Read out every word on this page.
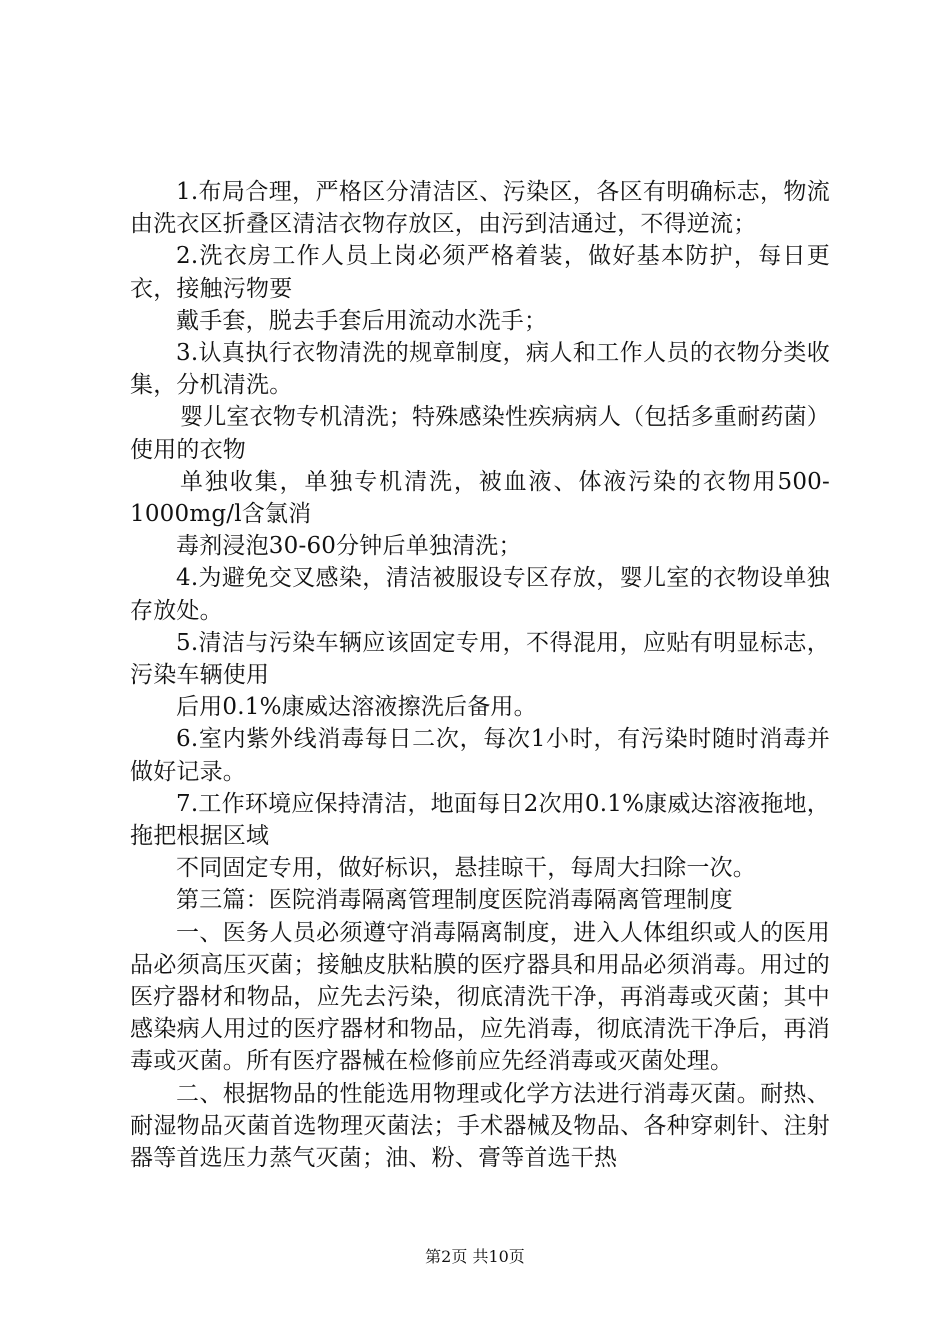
1.布局合理，严格区分清洁区、污染区，各区有明确标志，物流由洗衣区折叠区清洁衣物存放区，由污到洁通过，不得逆流；

2.洗衣房工作人员上岗必须严格着装，做好基本防护，每日更衣，接触污物要

戴手套，脱去手套后用流动水洗手；

3.认真执行衣物清洗的规章制度，病人和工作人员的衣物分类收集，分机清洗。

婴儿室衣物专机清洗；特殊感染性疾病病人（包括多重耐药菌）使用的衣物

单独收集，单独专机清洗，被血液、体液污染的衣物用500-1000mg/l含氯消

毒剂浸泡30-60分钟后单独清洗；

4.为避免交叉感染，清洁被服设专区存放，婴儿室的衣物设单独存放处。

5.清洁与污染车辆应该固定专用，不得混用，应贴有明显标志，污染车辆使用

后用0.1%康威达溶液擦洗后备用。

6.室内紫外线消毒每日二次，每次1小时，有污染时随时消毒并做好记录。

7.工作环境应保持清洁，地面每日2次用0.1%康威达溶液拖地，拖把根据区域

不同固定专用，做好标识，悬挂晾干，每周大扫除一次。

第三篇：医院消毒隔离管理制度医院消毒隔离管理制度

一、医务人员必须遵守消毒隔离制度，进入人体组织或人的医用品必须高压灭菌；接触皮肤粘膜的医疗器具和用品必须消毒。用过的医疗器材和物品，应先去污染，彻底清洗干净，再消毒或灭菌；其中感染病人用过的医疗器材和物品，应先消毒，彻底清洗干净后，再消毒或灭菌。所有医疗器械在检修前应先经消毒或灭菌处理。

二、根据物品的性能选用物理或化学方法进行消毒灭菌。耐热、耐湿物品灭菌首选物理灭菌法；手术器械及物品、各种穿刺针、注射器等首选压力蒸气灭菌；油、粉、膏等首选干热

第2页 共10页
